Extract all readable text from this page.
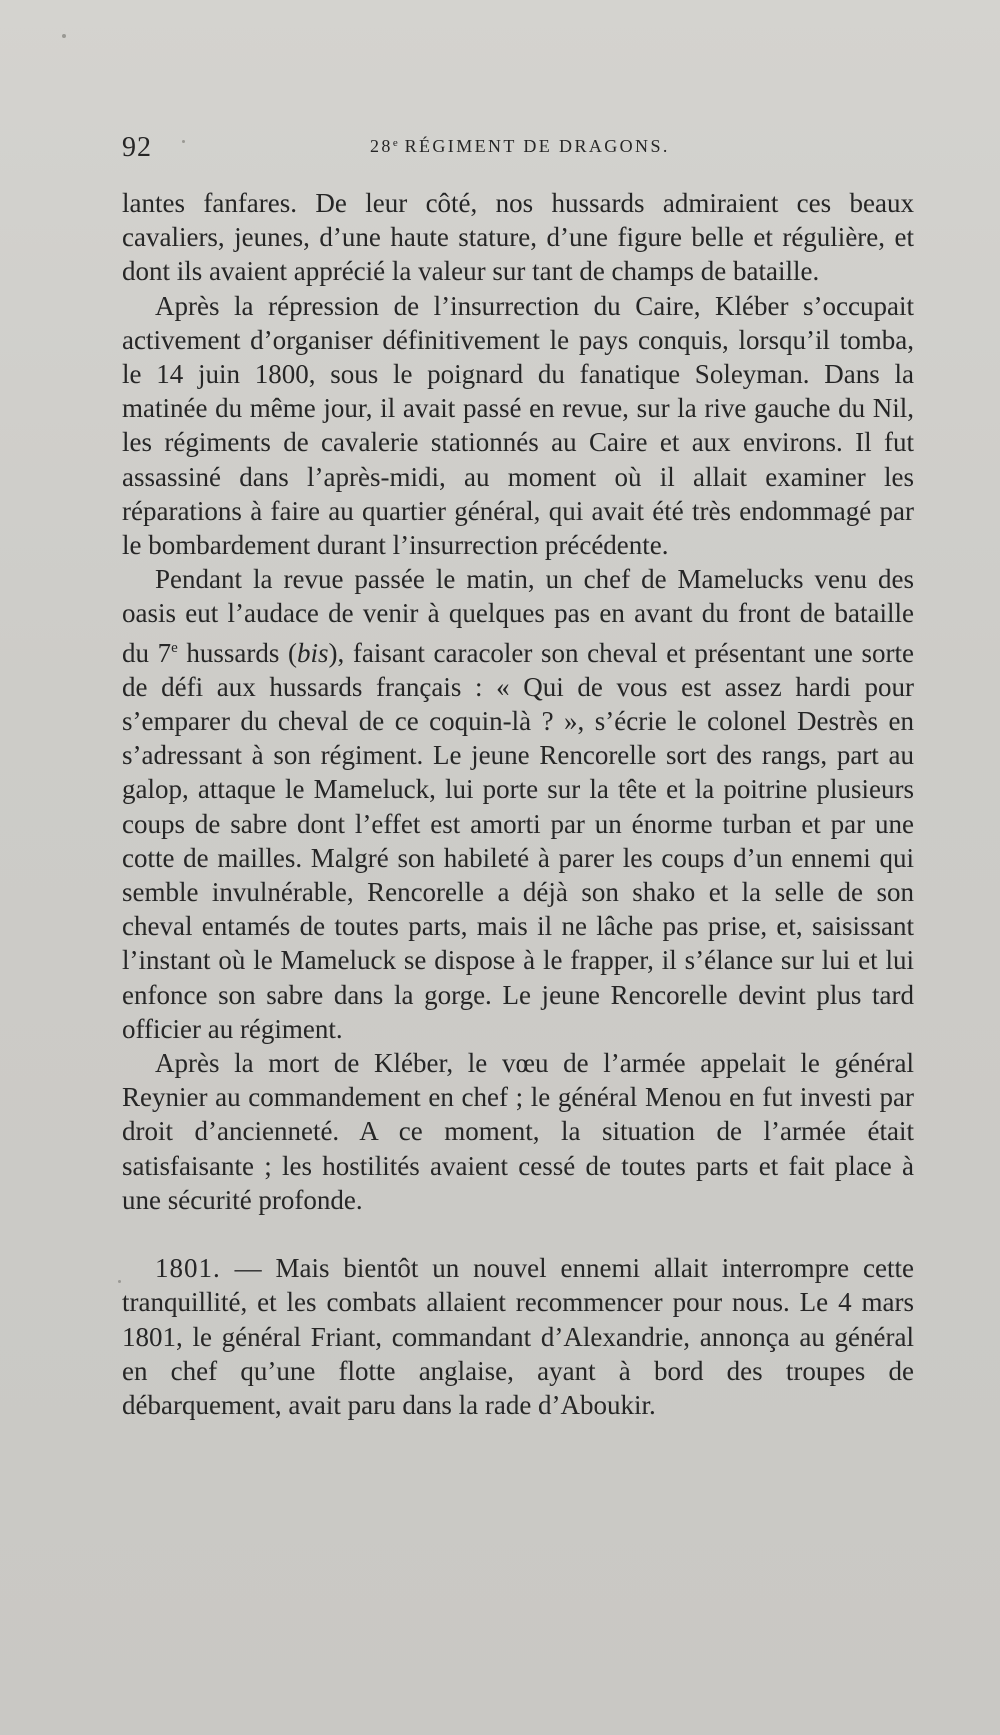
92	28e RÉGIMENT DE DRAGONS.

lantes fanfares. De leur côté, nos hussards admiraient ces beaux cavaliers, jeunes, d’une haute stature, d’une figure belle et régulière, et dont ils avaient apprécié la valeur sur tant de champs de bataille.

Après la répression de l’insurrection du Caire, Kléber s’occupait activement d’organiser définitivement le pays conquis, lorsqu’il tomba, le 14 juin 1800, sous le poignard du fanatique Soleyman. Dans la matinée du même jour, il avait passé en revue, sur la rive gauche du Nil, les régiments de cavalerie stationnés au Caire et aux environs. Il fut assassiné dans l’après-midi, au moment où il allait examiner les réparations à faire au quartier général, qui avait été très endommagé par le bombardement durant l’insurrection précédente.

Pendant la revue passée le matin, un chef de Mamelucks venu des oasis eut l’audace de venir à quelques pas en avant du front de bataille du 7e hussards (bis), faisant caracoler son cheval et présentant une sorte de défi aux hussards français : « Qui de vous est assez hardi pour s’emparer du cheval de ce coquin-là ? », s’écrie le colonel Destrès en s’adressant à son régiment. Le jeune Rencorelle sort des rangs, part au galop, attaque le Mameluck, lui porte sur la tête et la poitrine plusieurs coups de sabre dont l’effet est amorti par un énorme turban et par une cotte de mailles. Malgré son habileté à parer les coups d’un ennemi qui semble invulnérable, Rencorelle a déjà son shako et la selle de son cheval entamés de toutes parts, mais il ne lâche pas prise, et, saisissant l’instant où le Mameluck se dispose à le frapper, il s’élance sur lui et lui enfonce son sabre dans la gorge. Le jeune Rencorelle devint plus tard officier au régiment.

Après la mort de Kléber, le vœu de l’armée appelait le général Reynier au commandement en chef ; le général Menou en fut investi par droit d’ancienneté. A ce moment, la situation de l’armée était satisfaisante ; les hostilités avaient cessé de toutes parts et fait place à une sécurité profonde.

1801. — Mais bientôt un nouvel ennemi allait interrompre cette tranquillité, et les combats allaient recommencer pour nous. Le 4 mars 1801, le général Friant, commandant d’Alexandrie, annonça au général en chef qu’une flotte anglaise, ayant à bord des troupes de débarquement, avait paru dans la rade d’Aboukir.
